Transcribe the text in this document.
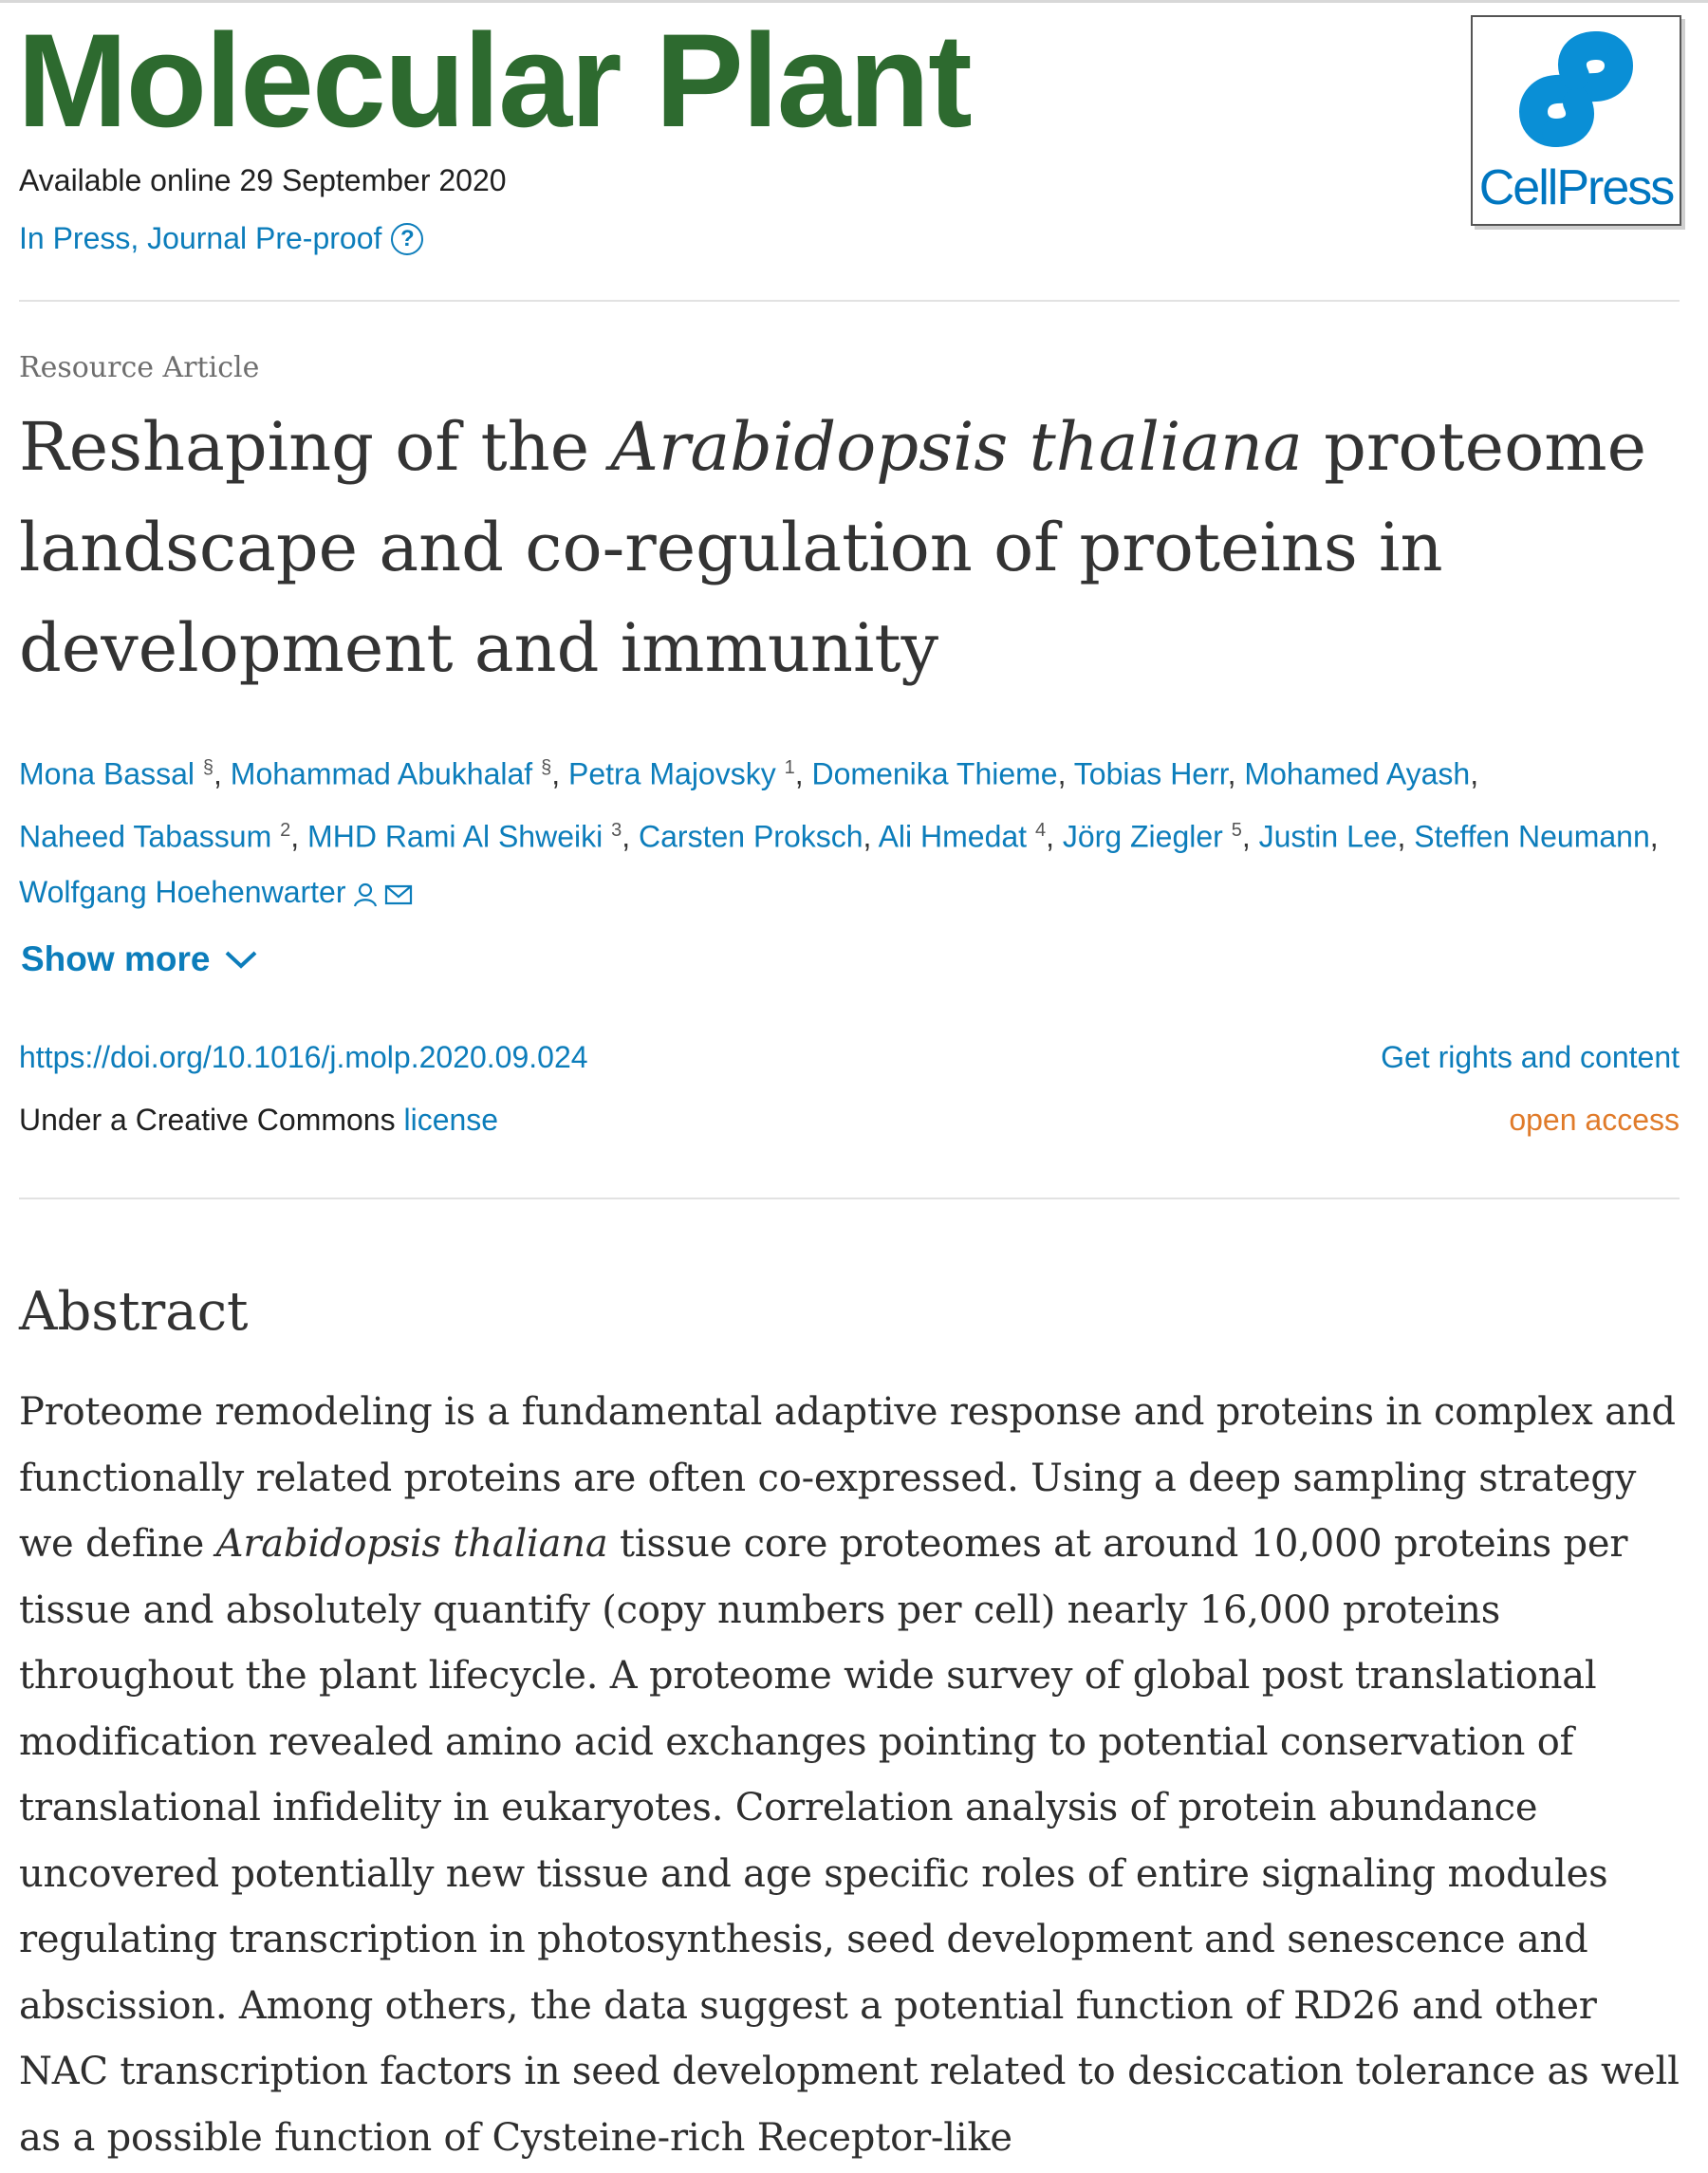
Molecular Plant
Available online 29 September 2020
In Press, Journal Pre-proof ?
CellPress
Resource Article
Reshaping of the Arabidopsis thaliana proteome landscape and co-regulation of proteins in development and immunity
Mona Bassal §, Mohammad Abukhalaf §, Petra Majovsky $^1$, Domenika Thieme, Tobias Herr, Mohamed Ayash,
Naheed Tabassum $^2$, MHD Rami Al Shweiki $^3$, Carsten Proksch, Ali Hmedat $^4$, Jörg Ziegler $^5$, Justin Lee, Steffen Neumann, Wolfgang Hoehenwarter
Show more
https://doi.org/10.1016/j.molp.2020.09.024	Get rights and content
Under a Creative Commons license	open access
Abstract

Proteome remodeling is a fundamental adaptive response and proteins in complex and functionally related proteins are often co-expressed. Using a deep sampling strategy we define Arabidopsis thaliana tissue core proteomes at around 10,000 proteins per tissue and absolutely quantify (copy numbers per cell) nearly 16,000 proteins throughout the plant lifecycle. A proteome wide survey of global post translational modification revealed amino acid exchanges pointing to potential conservation of translational infidelity in eukaryotes. Correlation analysis of protein abundance uncovered potentially new tissue and age specific roles of entire signaling modules regulating transcription in photosynthesis, seed development and senescence and abscission. Among others, the data suggest a potential function of RD26 and other NAC transcription factors in seed development related to desiccation tolerance as well as a possible function of Cysteine-rich Receptor-like
